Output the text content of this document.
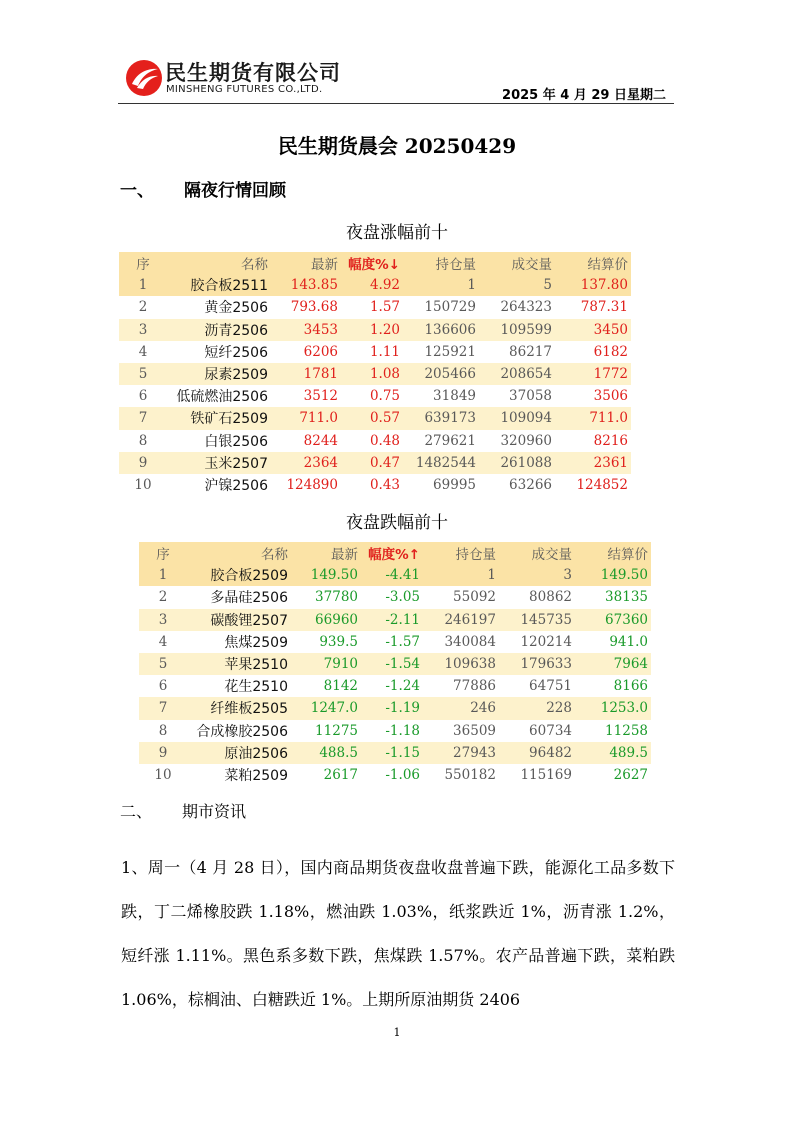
民生期货有限公司
MINSHENG FUTURES CO.,LTD.	2025 年 4 月 29 日星期二
民生期货晨会 20250429
一、 隔夜行情回顾
夜盘涨幅前十
序	名称	最新	幅度%↓	持仓量	成交量	结算价
1	胶合板2511	143.85	4.92	1	5	137.80
2	黄金2506	793.68	1.57	150729	264323	787.31
3	沥青2506	3453	1.20	136606	109599	3450
4	短纤2506	6206	1.11	125921	86217	6182
5	尿素2509	1781	1.08	205466	208654	1772
6	低硫燃油2506	3512	0.75	31849	37058	3506
7	铁矿石2509	711.0	0.57	639173	109094	711.0
8	白银2506	8244	0.48	279621	320960	8216
9	玉米2507	2364	0.47	1482544	261088	2361
10	沪镍2506	124890	0.43	69995	63266	124852
夜盘跌幅前十
序	名称	最新	幅度%↑	持仓量	成交量	结算价
1	胶合板2509	149.50	-4.41	1	3	149.50
2	多晶硅2506	37780	-3.05	55092	80862	38135
3	碳酸锂2507	66960	-2.11	246197	145735	67360
4	焦煤2509	939.5	-1.57	340084	120214	941.0
5	苹果2510	7910	-1.54	109638	179633	7964
6	花生2510	8142	-1.24	77886	64751	8166
7	纤维板2505	1247.0	-1.19	246	228	1253.0
8	合成橡胶2506	11275	-1.18	36509	60734	11258
9	原油2506	488.5	-1.15	27943	96482	489.5
10	菜粕2509	2617	-1.06	550182	115169	2627
二、 期市资讯
1、周一（4 月 28 日），国内商品期货夜盘收盘普遍下跌，能源化工品多数下跌，丁二烯橡胶跌 1.18%，燃油跌 1.03%，纸浆跌近 1%，沥青涨 1.2%，短纤涨 1.11%。黑色系多数下跌，焦煤跌 1.57%。农产品普遍下跌，菜粕跌 1.06%，棕榈油、白糖跌近 1%。上期所原油期货 2406
1
